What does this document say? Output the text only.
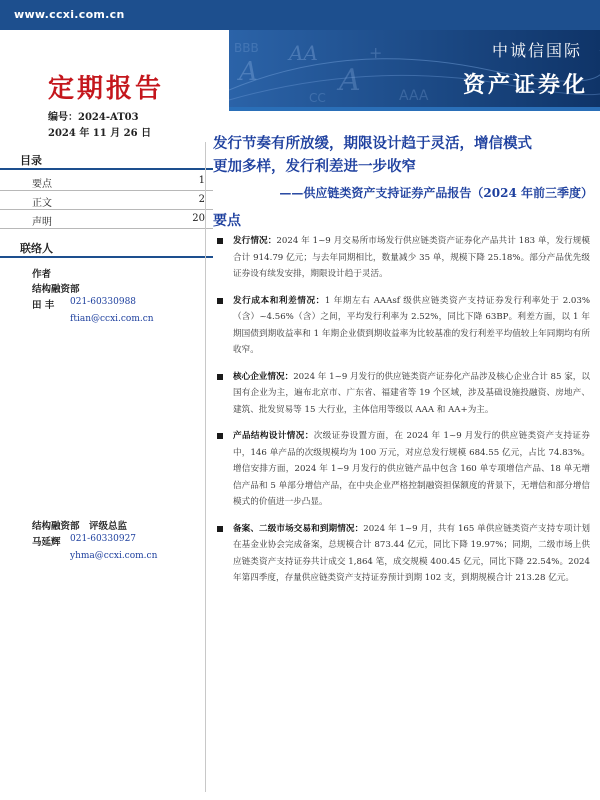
www.ccxi.com.cn
A
AA
A
+
BBB
CC	AAA
中诚信国际
资产证券化
定期报告
编号：2024-AT03
2024 年 11 月 26 日
目录
要点	1
正文	2
声明	20
联络人
作者
结构融资部
田 丰 021-60330988
ftian@ccxi.com.cn
结构融资部　评级总监
马延辉 021-60330927
yhma@ccxi.com.cn
发行节奏有所放缓，期限设计趋于灵活，增信模式
更加多样，发行利差进一步收窄
——供应链类资产支持证券产品报告（2024 年前三季度）
要点
发行情况：2024 年 1~9 月交易所市场发行供应链类资产证券化产品共计 183 单，发行规模合计 914.79 亿元；与去年同期相比，数量减少 35 单，规模下降 25.18%。部分产品优先级证券设有续发安排，期限设计趋于灵活。
发行成本和利差情况：1 年期左右 AAAsf 级供应链类资产支持证券发行利率处于 2.03%（含）~4.56%（含）之间，平均发行利率为 2.52%，同比下降 63BP。利差方面，以 1 年期国债到期收益率和 1 年期企业债到期收益率为比较基准的发行利差平均值较上年同期均有所收窄。
核心企业情况：2024 年 1~9 月发行的供应链类资产证券化产品涉及核心企业合计 85 家，以国有企业为主，遍布北京市、广东省、福建省等 19 个区域，涉及基础设施投融资、房地产、建筑、批发贸易等 15 大行业，主体信用等级以 AAA 和 AA+为主。
产品结构设计情况：次级证券设置方面，在 2024 年 1~9 月发行的供应链类资产支持证券中，146 单产品的次级规模均为 100 万元，对应总发行规模 684.55 亿元，占比 74.83%。增信安排方面，2024 年 1~9 月发行的供应链产品中包含 160 单专项增信产品、18 单无增信产品和 5 单部分增信产品，在中央企业严格控制融资担保额度的背景下，无增信和部分增信模式的价值进一步凸显。
备案、二级市场交易和到期情况：2024 年 1~9 月，共有 165 单供应链类资产支持专项计划在基金业协会完成备案，总规模合计 873.44 亿元，同比下降 19.97%；同期，二级市场上供应链类资产支持证券共计成交 1,864 笔，成交规模 400.45 亿元，同比下降 22.54%。2024 年第四季度，存量供应链类资产支持证券预计到期 102 支，到期规模合计 213.28 亿元。
